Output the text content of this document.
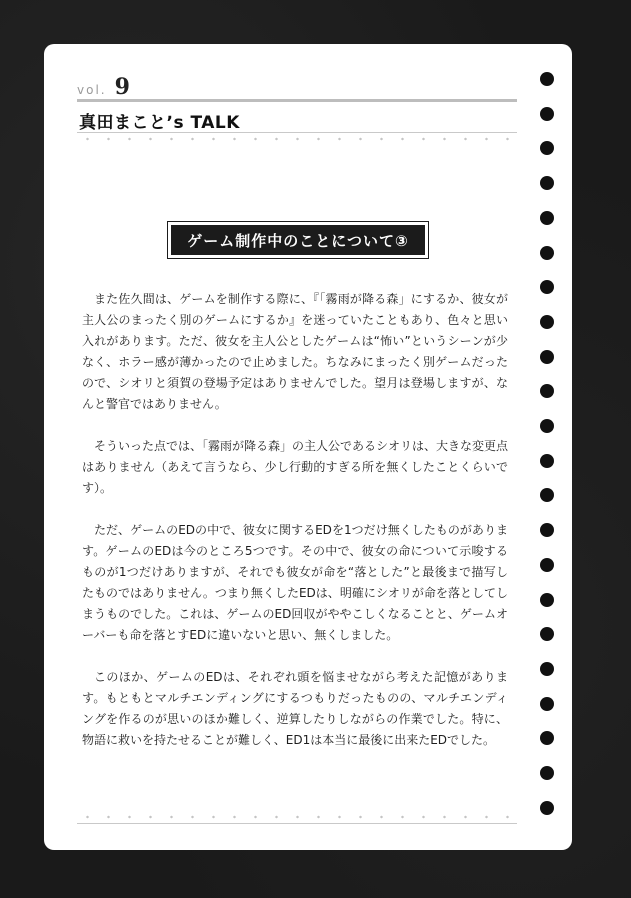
vol. 9
真田まことʼs TALK
ゲーム制作中のことについて③

また佐久間は、ゲームを制作する際に、『「霧雨が降る森」にするか、彼女が主人公のまったく別のゲームにするか』を迷っていたこともあり、色々と思い入れがあります。ただ、彼女を主人公としたゲームは“怖い”というシーンが少なく、ホラー感が薄かったので止めました。ちなみにまったく別ゲームだったので、シオリと須賀の登場予定はありませんでした。望月は登場しますが、なんと警官ではありません。

そういった点では、「霧雨が降る森」の主人公であるシオリは、大きな変更点はありません（あえて言うなら、少し行動的すぎる所を無くしたことくらいです）。

ただ、ゲームのEDの中で、彼女に関するEDを1つだけ無くしたものがあります。ゲームのEDは今のところ5つです。その中で、彼女の命について示唆するものが1つだけありますが、それでも彼女が命を“落とした”と最後まで描写したものではありません。つまり無くしたEDは、明確にシオリが命を落としてしまうものでした。これは、ゲームのED回収がややこしくなることと、ゲームオーバーも命を落とすEDに違いないと思い、無くしました。

このほか、ゲームのEDは、それぞれ頭を悩ませながら考えた記憶があります。もともとマルチエンディングにするつもりだったものの、マルチエンディングを作るのが思いのほか難しく、逆算したりしながらの作業でした。特に、物語に救いを持たせることが難しく、ED1は本当に最後に出来たEDでした。
